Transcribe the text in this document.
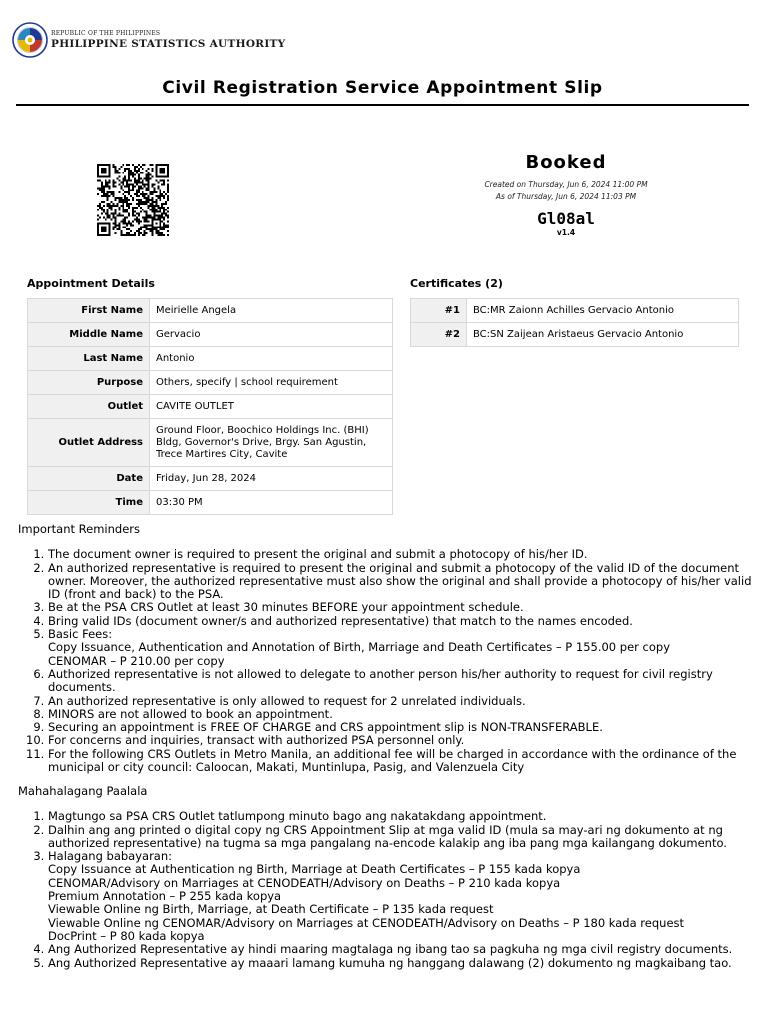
REPUBLIC OF THE PHILIPPINES
PHILIPPINE STATISTICS AUTHORITY
Civil Registration Service Appointment Slip
Booked
Created on Thursday, Jun 6, 2024 11:00 PM
As of Thursday, Jun 6, 2024 11:03 PM
Gl08al
v1.4
Appointment Details
First Name	Meirielle Angela
Middle Name	Gervacio
Last Name	Antonio
Purpose	Others, specify | school requirement
Outlet	CAVITE OUTLET
Outlet Address	Ground Floor, Boochico Holdings Inc. (BHI) Bldg, Governor's Drive, Brgy. San Agustin, Trece Martires City, Cavite
Date	Friday, Jun 28, 2024
Time	03:30 PM
Certificates (2)
#1	BC:MR Zaionn Achilles Gervacio Antonio
#2	BC:SN Zaijean Aristaeus Gervacio Antonio

Important Reminders

1. The document owner is required to present the original and submit a photocopy of his/her ID.
2. An authorized representative is required to present the original and submit a photocopy of the valid ID of the document owner. Moreover, the authorized representative must also show the original and shall provide a photocopy of his/her valid ID (front and back) to the PSA.
3. Be at the PSA CRS Outlet at least 30 minutes BEFORE your appointment schedule.
4. Bring valid IDs (document owner/s and authorized representative) that match to the names encoded.
5. Basic Fees:
Copy Issuance, Authentication and Annotation of Birth, Marriage and Death Certificates – P 155.00 per copy
CENOMAR – P 210.00 per copy
6. Authorized representative is not allowed to delegate to another person his/her authority to request for civil registry documents.
7. An authorized representative is only allowed to request for 2 unrelated individuals.
8. MINORS are not allowed to book an appointment.
9. Securing an appointment is FREE OF CHARGE and CRS appointment slip is NON-TRANSFERABLE.
10. For concerns and inquiries, transact with authorized PSA personnel only.
11. For the following CRS Outlets in Metro Manila, an additional fee will be charged in accordance with the ordinance of the municipal or city council: Caloocan, Makati, Muntinlupa, Pasig, and Valenzuela City

Mahahalagang Paalala

1. Magtungo sa PSA CRS Outlet tatlumpong minuto bago ang nakatakdang appointment.
2. Dalhin ang ang printed o digital copy ng CRS Appointment Slip at mga valid ID (mula sa may-ari ng dokumento at ng authorized representative) na tugma sa mga pangalang na-encode kalakip ang iba pang mga kailangang dokumento.
3. Halagang babayaran:
Copy Issuance at Authentication ng Birth, Marriage at Death Certificates – P 155 kada kopya
CENOMAR/Advisory on Marriages at CENODEATH/Advisory on Deaths – P 210 kada kopya
Premium Annotation – P 255 kada kopya
Viewable Online ng Birth, Marriage, at Death Certificate – P 135 kada request
Viewable Online ng CENOMAR/Advisory on Marriages at CENODEATH/Advisory on Deaths – P 180 kada request
DocPrint – P 80 kada kopya
4. Ang Authorized Representative ay hindi maaring magtalaga ng ibang tao sa pagkuha ng mga civil registry documents.
5. Ang Authorized Representative ay maaari lamang kumuha ng hanggang dalawang (2) dokumento ng magkaibang tao.
